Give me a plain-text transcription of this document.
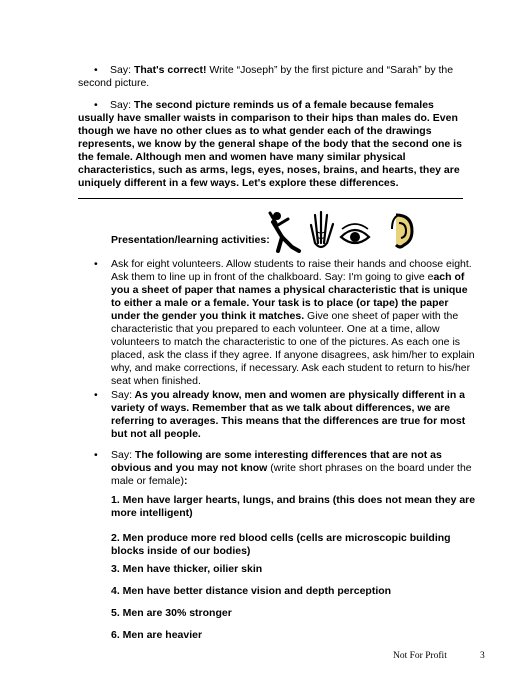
•	Say: That's correct! Write “Joseph” by the first picture and “Sarah” by the second picture.

•	Say: The second picture reminds us of a female because females usually have smaller waists in comparison to their hips than males do. Even though we have no other clues as to what gender each of the drawings represents, we know by the general shape of the body that the second one is the female. Although men and women have many similar physical characteristics, such as arms, legs, eyes, noses, brains, and hearts, they are uniquely different in a few ways. Let's explore these differences.

Presentation/learning activities:
• Ask for eight volunteers. Allow students to raise their hands and choose eight. Ask them to line up in front of the chalkboard. Say: I'm going to give each of you a sheet of paper that names a physical characteristic that is unique to either a male or a female. Your task is to place (or tape) the paper under the gender you think it matches. Give one sheet of paper with the characteristic that you prepared to each volunteer. One at a time, allow volunteers to match the characteristic to one of the pictures. As each one is placed, ask the class if they agree. If anyone disagrees, ask him/her to explain why, and make corrections, if necessary. Ask each student to return to his/her seat when finished.

• Say: As you already know, men and women are physically different in a variety of ways. Remember that as we talk about differences, we are referring to averages. This means that the differences are true for most but not all people.

• Say: The following are some interesting differences that are not as obvious and you may not know (write short phrases on the board under the male or female):

1. Men have larger hearts, lungs, and brains (this does not mean they are more intelligent)

2. Men produce more red blood cells (cells are microscopic building blocks inside of our bodies)

3. Men have thicker, oilier skin

4. Men have better distance vision and depth perception

5. Men are 30% stronger

6. Men are heavier

Not For Profit	3
